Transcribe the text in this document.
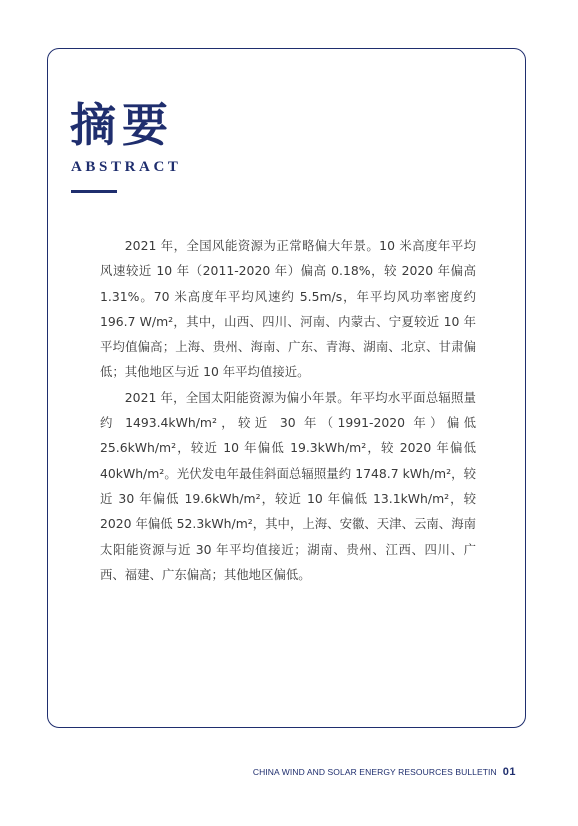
摘要
ABSTRACT

2021 年，全国风能资源为正常略偏大年景。10 米高度年平均风速较近 10 年（2011-2020 年）偏高 0.18%，较 2020 年偏高 1.31%。70 米高度年平均风速约 5.5m/s，年平均风功率密度约 196.7 W/m²，其中，山西、四川、河南、内蒙古、宁夏较近 10 年平均值偏高；上海、贵州、海南、广东、青海、湖南、北京、甘肃偏低；其他地区与近 10 年平均值接近。

2021 年，全国太阳能资源为偏小年景。年平均水平面总辐照量约 1493.4kWh/m²，较近 30 年（1991-2020 年）偏低 25.6kWh/m²，较近 10 年偏低 19.3kWh/m²，较 2020 年偏低 40kWh/m²。光伏发电年最佳斜面总辐照量约 1748.7 kWh/m²，较近 30 年偏低 19.6kWh/m²，较近 10 年偏低 13.1kWh/m²，较 2020 年偏低 52.3kWh/m²，其中，上海、安徽、天津、云南、海南太阳能资源与近 30 年平均值接近；湖南、贵州、江西、四川、广西、福建、广东偏高；其他地区偏低。

CHINA WIND AND SOLAR ENERGY RESOURCES BULLETIN 01
